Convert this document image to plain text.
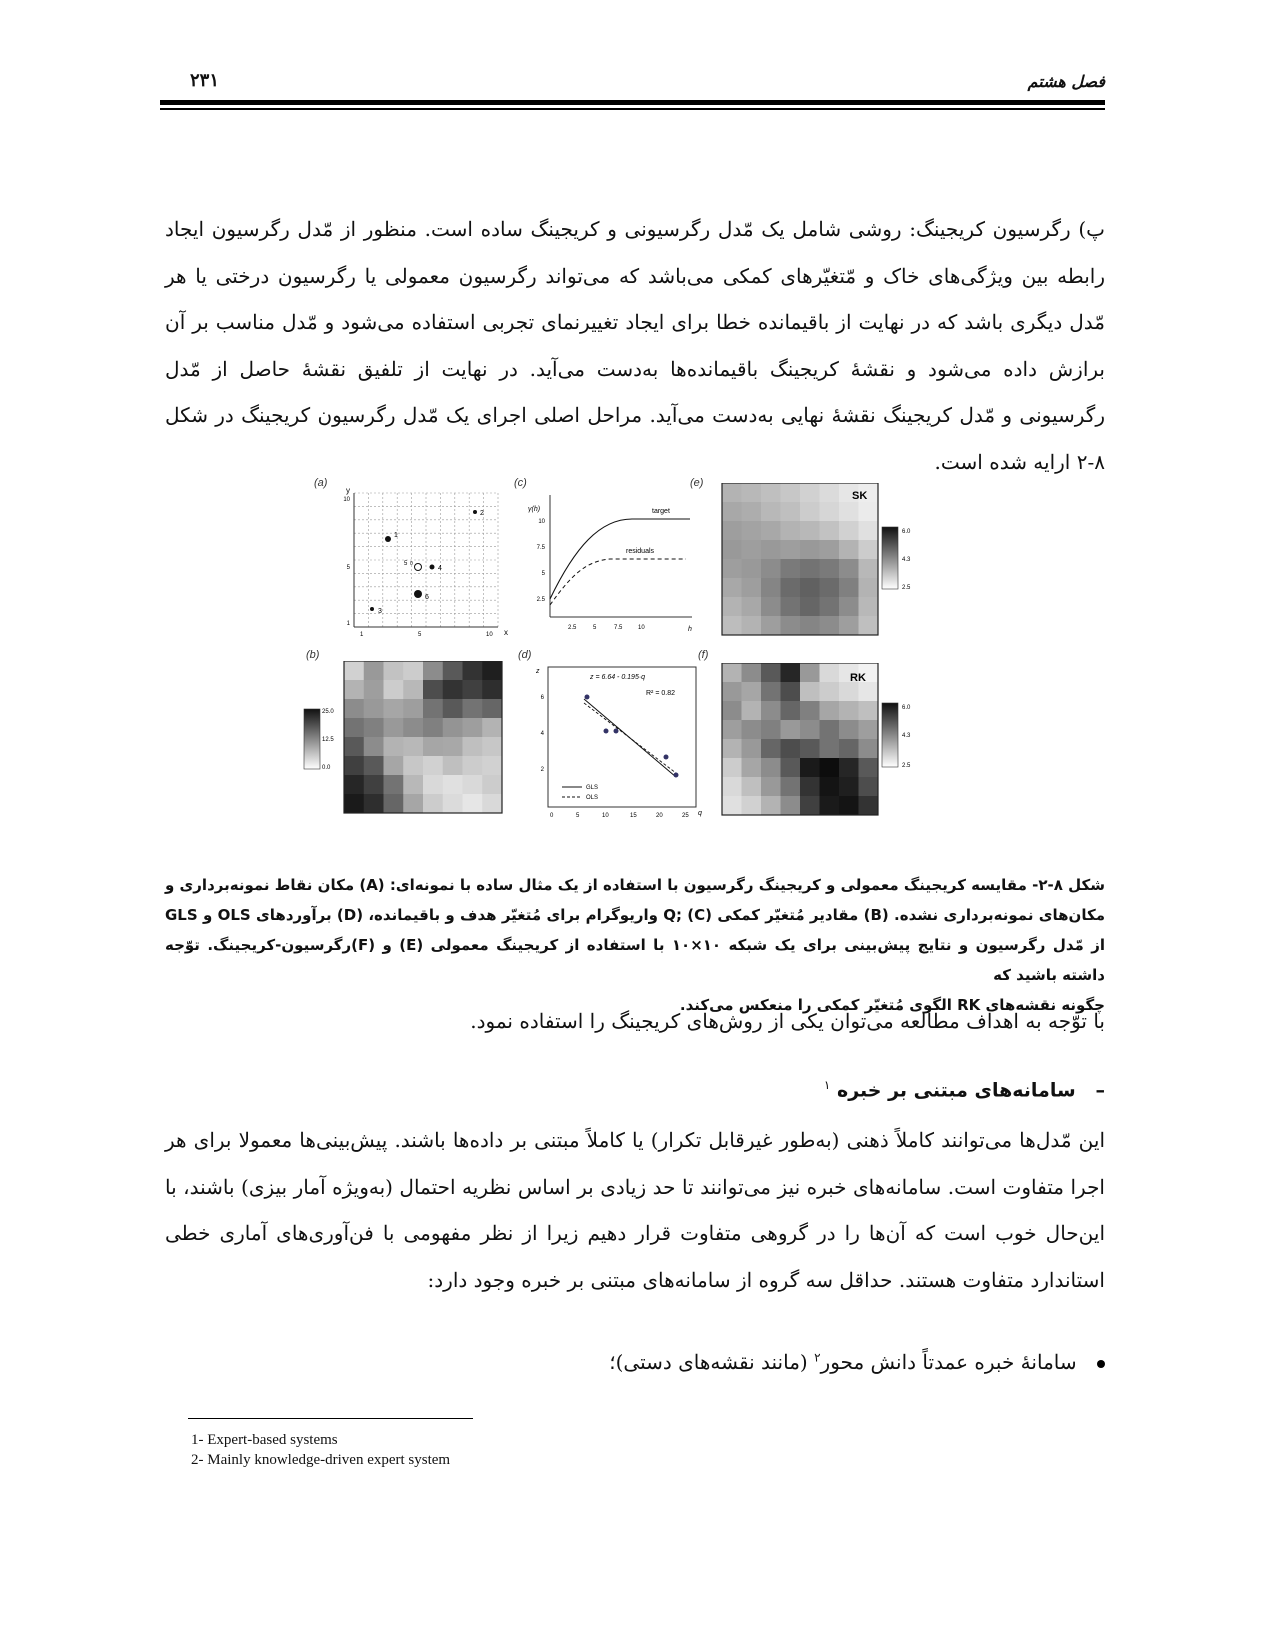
۲۳۱	فصل هشتم
پ) رگرسیون کریجینگ: روشی شامل یک مّدل رگرسیونی و کریجینگ ساده است. منظور از مّدل رگرسیون ایجاد رابطه بین ویژگی‌های خاک و مّتغیّرهای کمکی می‌باشد که می‌تواند رگرسیون معمولی یا رگرسیون درختی یا هر مّدل دیگری باشد که در نهایت از باقیمانده خطا برای ایجاد تغییرنمای تجربی استفاده می‌شود و مّدل مناسب بر آن برازش داده می‌شود و نقشهٔ کریجینگ باقیمانده‌ها به‌دست می‌آید. در نهایت از تلفیق نقشهٔ حاصل از مّدل رگرسیونی و مّدل کریجینگ نقشهٔ نهایی به‌دست می‌آید. مراحل اصلی اجرای یک مّدل رگرسیون کریجینگ در شکل ۸-۲ ارایه شده است.
(a)	(c)	(e)
(b)	(d)	(f)
y
x
10
5
1
1	5	10
1
2
3
4
5 0
6
γ(h)
h
10
7.5
5
2.5
2.5	5	7.5	10
target
residuals
SK
6.0
4.3
2.5
25.0
12.5
0.0
z
q
6
4
2
0	5	10	15	20	25
z = 6.64 - 0.195·q
R² = 0.82
GLS
OLS
RK
6.0
4.3
2.5
شکل ۸-۲- مقایسه کریجینگ معمولی و کریجینگ رگرسیون با استفاده از یک مثال ساده با نمونه‌ای: (A) مکان نقاط نمونه‌برداری و مکان‌های نمونه‌برداری نشده. (B) مقادیر مُتغیّر کمکی Q; (C) واریوگرام برای مُتغیّر هدف و باقیمانده، (D) برآوردهای OLS و GLS از مّدل رگرسیون و نتایج پیش‌بینی برای یک شبکه ۱۰×۱۰ با استفاده از کریجینگ معمولی (E) و (F)رگرسیون-کریجینگ. توّجه داشته باشید که
چگونه نقشه‌های RK الگوی مُتغیّر کمکی را منعکس می‌کند.
با توّجه به اهداف مطالعه می‌توان یکی از روش‌های کریجینگ را استفاده نمود.
–   سامانه‌های مبتنی بر خبره $^۱$
این مّدل‌ها می‌توانند کاملاً ذهنی (به‌طور غیرقابل تکرار) یا کاملاً مبتنی بر داده‌ها باشند. پیش‌بینی‌ها معمولا برای هر اجرا متفاوت است. سامانه‌های خبره نیز می‌توانند تا حد زیادی بر اساس نظریه احتمال (به‌ویژه آمار بیزی) باشند، با این‌حال خوب است که آن‌ها را در گروهی متفاوت قرار دهیم زیرا از نظر مفهومی با فن‌آوری‌های آماری خطی استاندارد متفاوت هستند. حداقل سه گروه از سامانه‌های مبتنی بر خبره وجود دارد:
سامانهٔ خبره عمدتاً دانش محور$^۲$ (مانند نقشه‌های دستی)؛
1- Expert-based systems
2- Mainly knowledge-driven expert system
